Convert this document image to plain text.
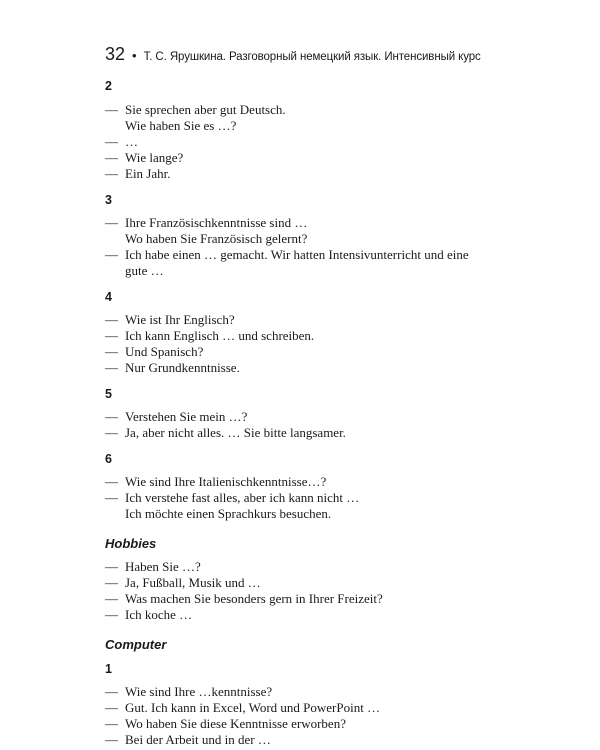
32 • Т. С. Ярушкина. Разговорный немецкий язык. Интенсивный курс

2

— Sie sprechen aber gut Deutsch.
Wie haben Sie es …?
— …
— Wie lange?
— Ein Jahr.

3

— Ihre Französischkenntnisse sind …
Wo haben Sie Französisch gelernt?
— Ich habe einen … gemacht. Wir hatten Intensivunterricht und eine
gute …

4

— Wie ist Ihr Englisch?
— Ich kann Englisch … und schreiben.
— Und Spanisch?
— Nur Grundkenntnisse.

5

— Verstehen Sie mein …?
— Ja, aber nicht alles. … Sie bitte langsamer.

6

— Wie sind Ihre Italienischkenntnisse…?
— Ich verstehe fast alles, aber ich kann nicht …
Ich möchte einen Sprachkurs besuchen.

Hobbies

— Haben Sie …?
— Ja, Fußball, Musik und …
— Was machen Sie besonders gern in Ihrer Freizeit?
— Ich koche …

Computer

1

— Wie sind Ihre …kenntnisse?
— Gut. Ich kann in Excel, Word und PowerPoint …
— Wo haben Sie diese Kenntnisse erworben?
— Bei der Arbeit und in der …
